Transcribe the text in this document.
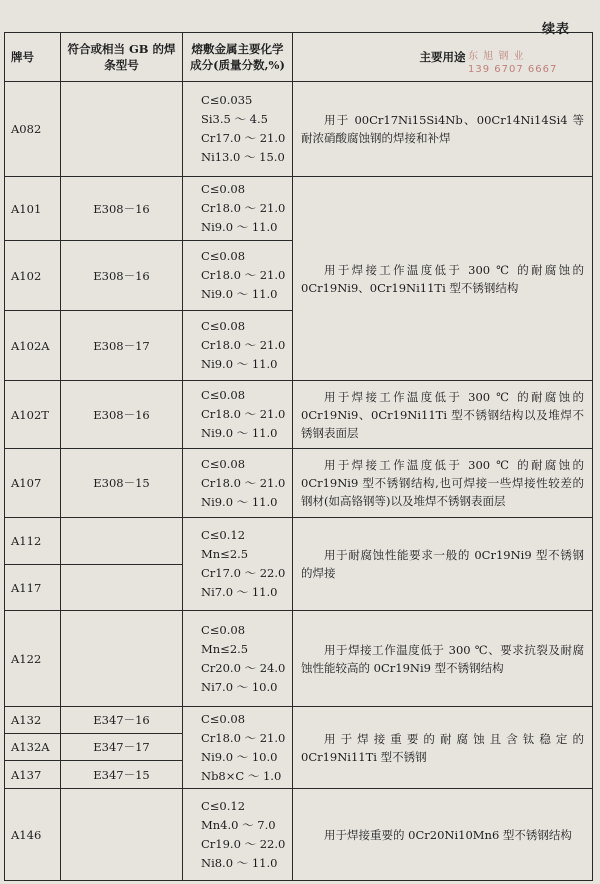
续表
东 旭 钢 业
139 6707 6667
牌号	符合或相当 GB 的焊条型号	熔敷金属主要化学 成分(质量分数,%)	主要用途
A082		C≤0.035
Si3.5 ～ 4.5
Cr17.0 ～ 21.0
Ni13.0 ～ 15.0	用于 00Cr17Ni15Si4Nb、00Cr14Ni14Si4 等耐浓硝酸腐蚀钢的焊接和补焊

A101	E308－16	C≤0.08
Cr18.0 ～ 21.0
Ni9.0 ～ 11.0	用于焊接工作温度低于 300 ℃ 的耐腐蚀的 0Cr19Ni9、0Cr19Ni11Ti 型不锈钢结构

A102	E308－16	C≤0.08
Cr18.0 ～ 21.0
Ni9.0 ～ 11.0	

A102A	E308－17	C≤0.08
Cr18.0 ～ 21.0
Ni9.0 ～ 11.0	

A102T	E308－16	C≤0.08
Cr18.0 ～ 21.0
Ni9.0 ～ 11.0	用于焊接工作温度低于 300 ℃ 的耐腐蚀的 0Cr19Ni9、0Cr19Ni11Ti 型不锈钢结构以及堆焊不锈钢表面层

A107	E308－15	C≤0.08
Cr18.0 ～ 21.0
Ni9.0 ～ 11.0	用于焊接工作温度低于 300 ℃ 的耐腐蚀的 0Cr19Ni9 型不锈钢结构,也可焊接一些焊接性较差的钢材(如高铬钢等)以及堆焊不锈钢表面层

A112		C≤0.12
Mn≤2.5
Cr17.0 ～ 22.0
Ni7.0 ～ 11.0	用于耐腐蚀性能要求一般的 0Cr19Ni9 型不锈钢的焊接

A117			
A122		C≤0.08
Mn≤2.5
Cr20.0 ～ 24.0
Ni7.0 ～ 10.0	用于焊接工作温度低于 300 ℃、要求抗裂及耐腐蚀性能较高的 0Cr19Ni9 型不锈钢结构

A132	E347－16	C≤0.08
Cr18.0 ～ 21.0
Ni9.0 ～ 10.0
Nb8×C ～ 1.0	用于焊接重要的耐腐蚀且含钛稳定的 0Cr19Ni11Ti 型不锈钢

A132A	E347－17		
A137	E347－15		
A146		C≤0.12
Mn4.0 ～ 7.0
Cr19.0 ～ 22.0
Ni8.0 ～ 11.0	用于焊接重要的 0Cr20Ni10Mn6 型不锈钢结构
